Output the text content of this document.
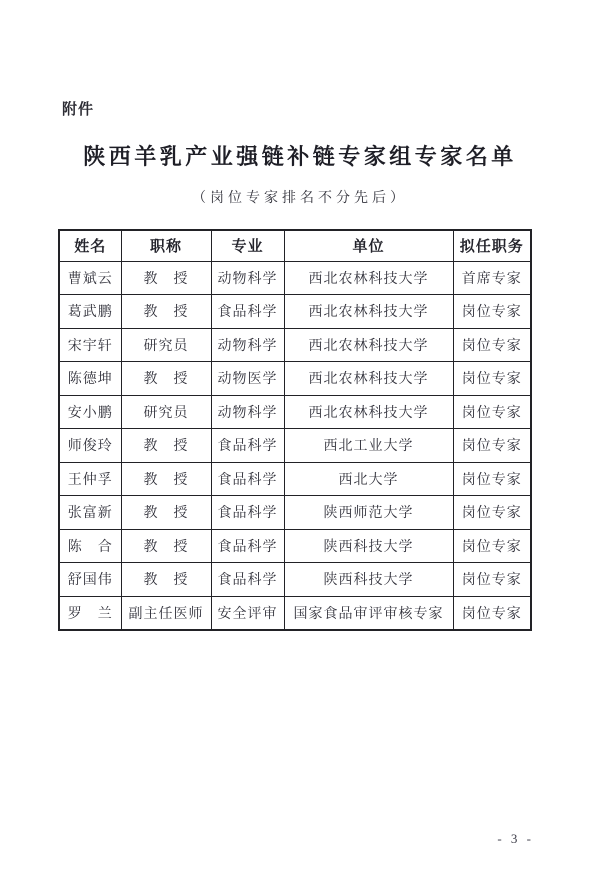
附件
陕西羊乳产业强链补链专家组专家名单
（岗位专家排名不分先后）
姓名	职称	专业	单位	拟任职务
曹斌云	教　授	动物科学	西北农林科技大学	首席专家
葛武鹏	教　授	食品科学	西北农林科技大学	岗位专家
宋宇轩	研究员	动物科学	西北农林科技大学	岗位专家
陈德坤	教　授	动物医学	西北农林科技大学	岗位专家
安小鹏	研究员	动物科学	西北农林科技大学	岗位专家
师俊玲	教　授	食品科学	西北工业大学	岗位专家
王仲孚	教　授	食品科学	西北大学	岗位专家
张富新	教　授	食品科学	陕西师范大学	岗位专家
陈　合	教　授	食品科学	陕西科技大学	岗位专家
舒国伟	教　授	食品科学	陕西科技大学	岗位专家
罗　兰	副主任医师	安全评审	国家食品审评审核专家	岗位专家
- 3 -
